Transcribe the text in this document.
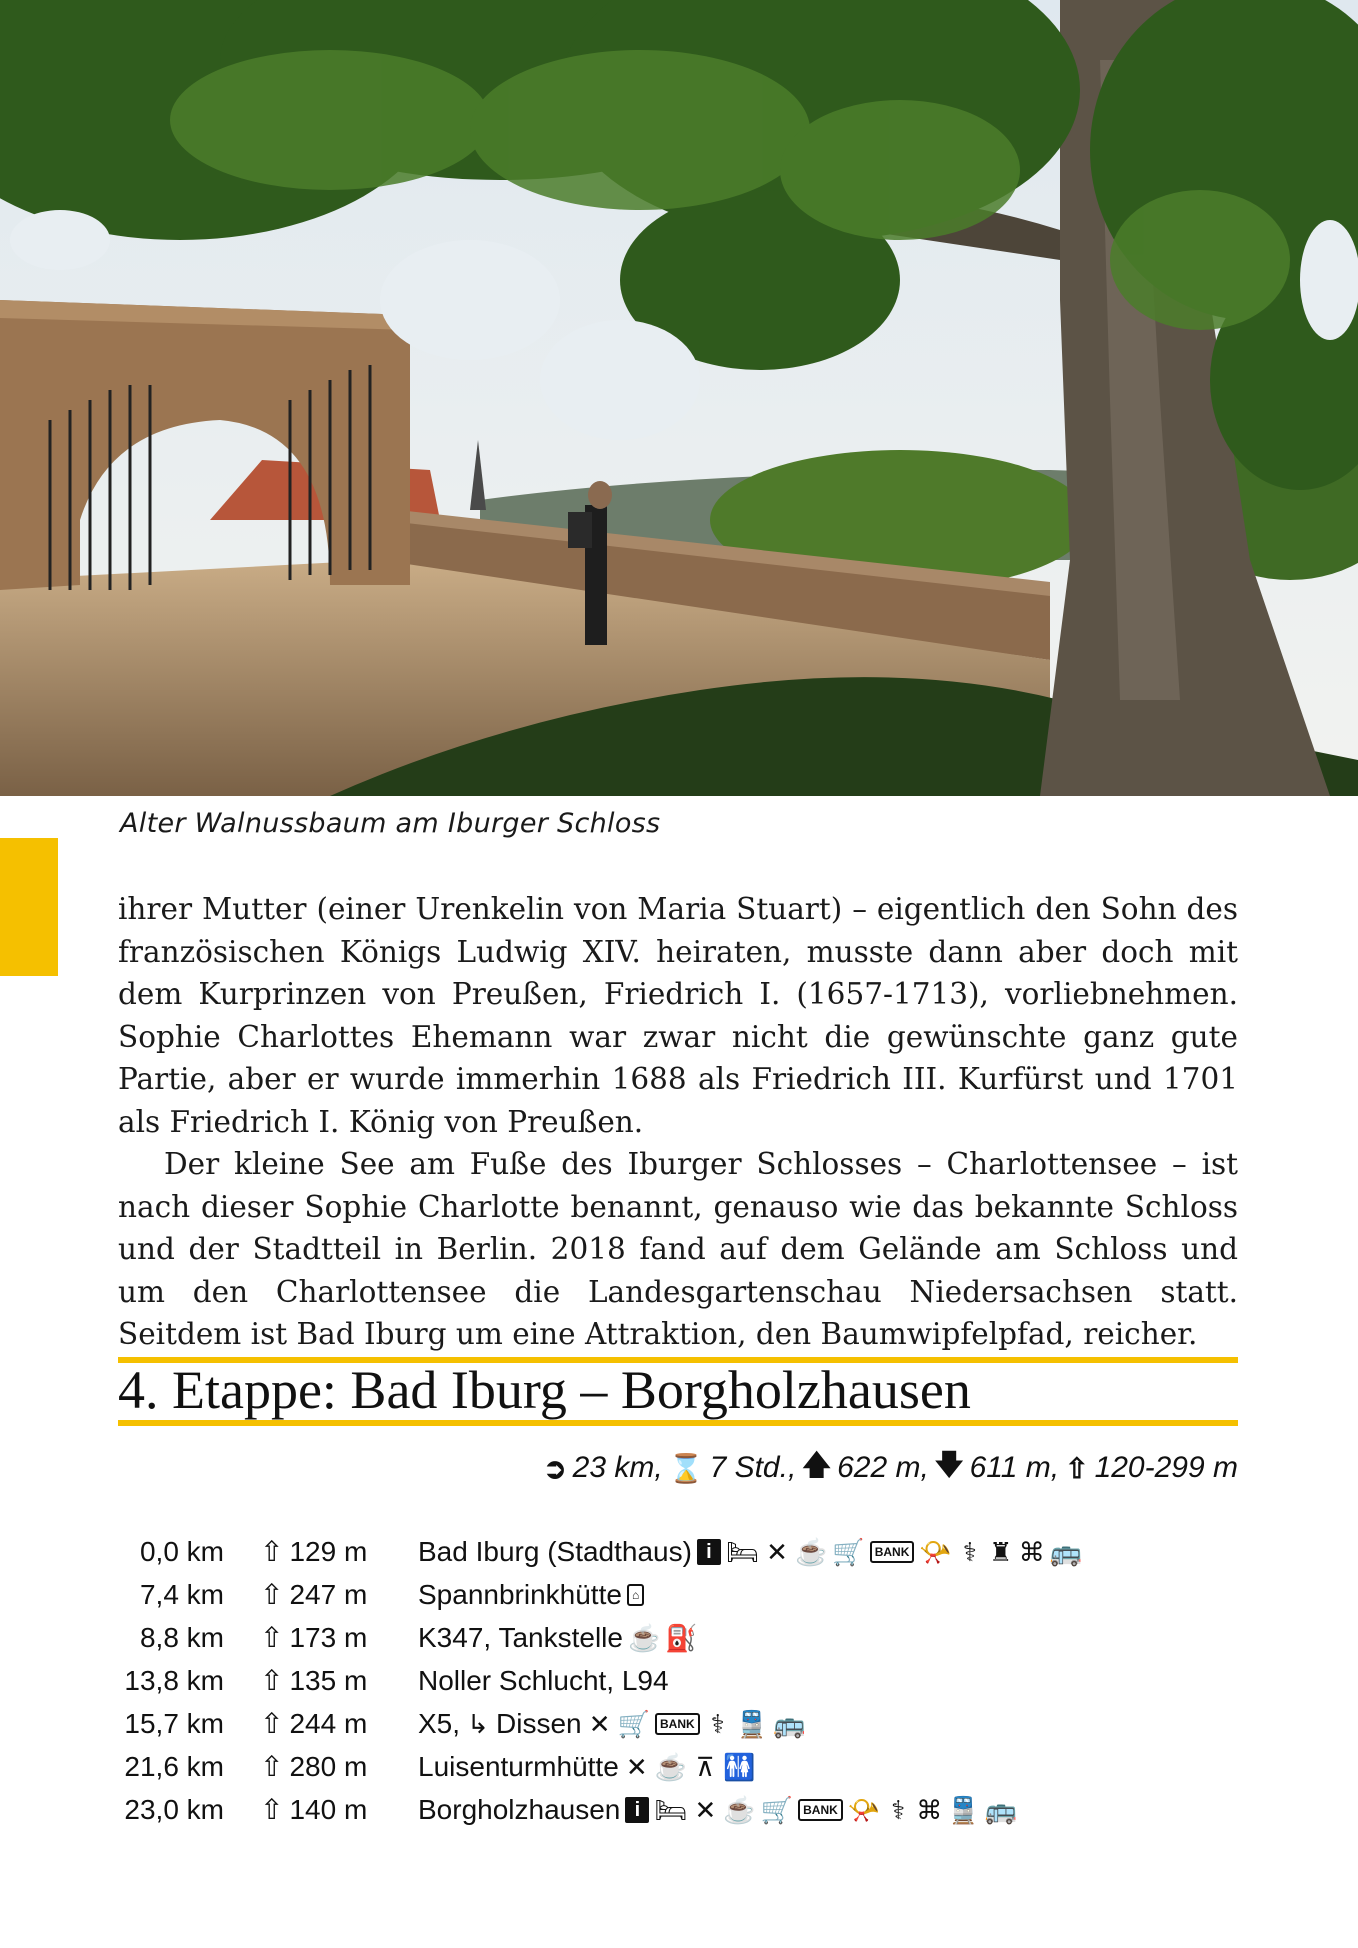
Alter Walnussbaum am Iburger Schloss

ihrer Mutter (einer Urenkelin von Maria Stuart) – eigentlich den Sohn des französischen Königs Ludwig XIV. heiraten, musste dann aber doch mit dem Kurprinzen von Preußen, Friedrich I. (1657-1713), vorliebnehmen. Sophie Charlottes Ehemann war zwar nicht die gewünschte ganz gute Partie, aber er wurde immerhin 1688 als Friedrich III. Kurfürst und 1701 als Friedrich I. König von Preußen.

Der kleine See am Fuße des Iburger Schlosses – Charlottensee – ist nach dieser Sophie Charlotte benannt, genauso wie das bekannte Schloss und der Stadtteil in Berlin. 2018 fand auf dem Gelände am Schloss und um den Charlottensee die Landesgartenschau Niedersachsen statt. Seitdem ist Bad Iburg um eine Attraktion, den Baumwipfelpfad, reicher.

4. Etappe: Bad Iburg – Borgholzhausen
➲ 23 km, ⌛ 7 Std., 🡅 622 m, 🡇 611 m, ⇧ 120-299 m
0,0 km	⇧ 129 m	Bad Iburg (Stadthaus) i 🛏 ✕ ☕ 🛒 BANK 📯 ⚕ ♜ ⌘ 🚌
7,4 km	⇧ 247 m	Spannbrinkhütte ⌂
8,8 km	⇧ 173 m	K347, Tankstelle ☕ ⛽
13,8 km	⇧ 135 m	Noller Schlucht, L94
15,7 km	⇧ 244 m	X5, ↳ Dissen ✕ 🛒 BANK ⚕ 🚆 🚌
21,6 km	⇧ 280 m	Luisenturmhütte ✕ ☕ ⊼ 🚻
23,0 km	⇧ 140 m	Borgholzhausen i 🛏 ✕ ☕ 🛒 BANK 📯 ⚕ ⌘ 🚆 🚌
